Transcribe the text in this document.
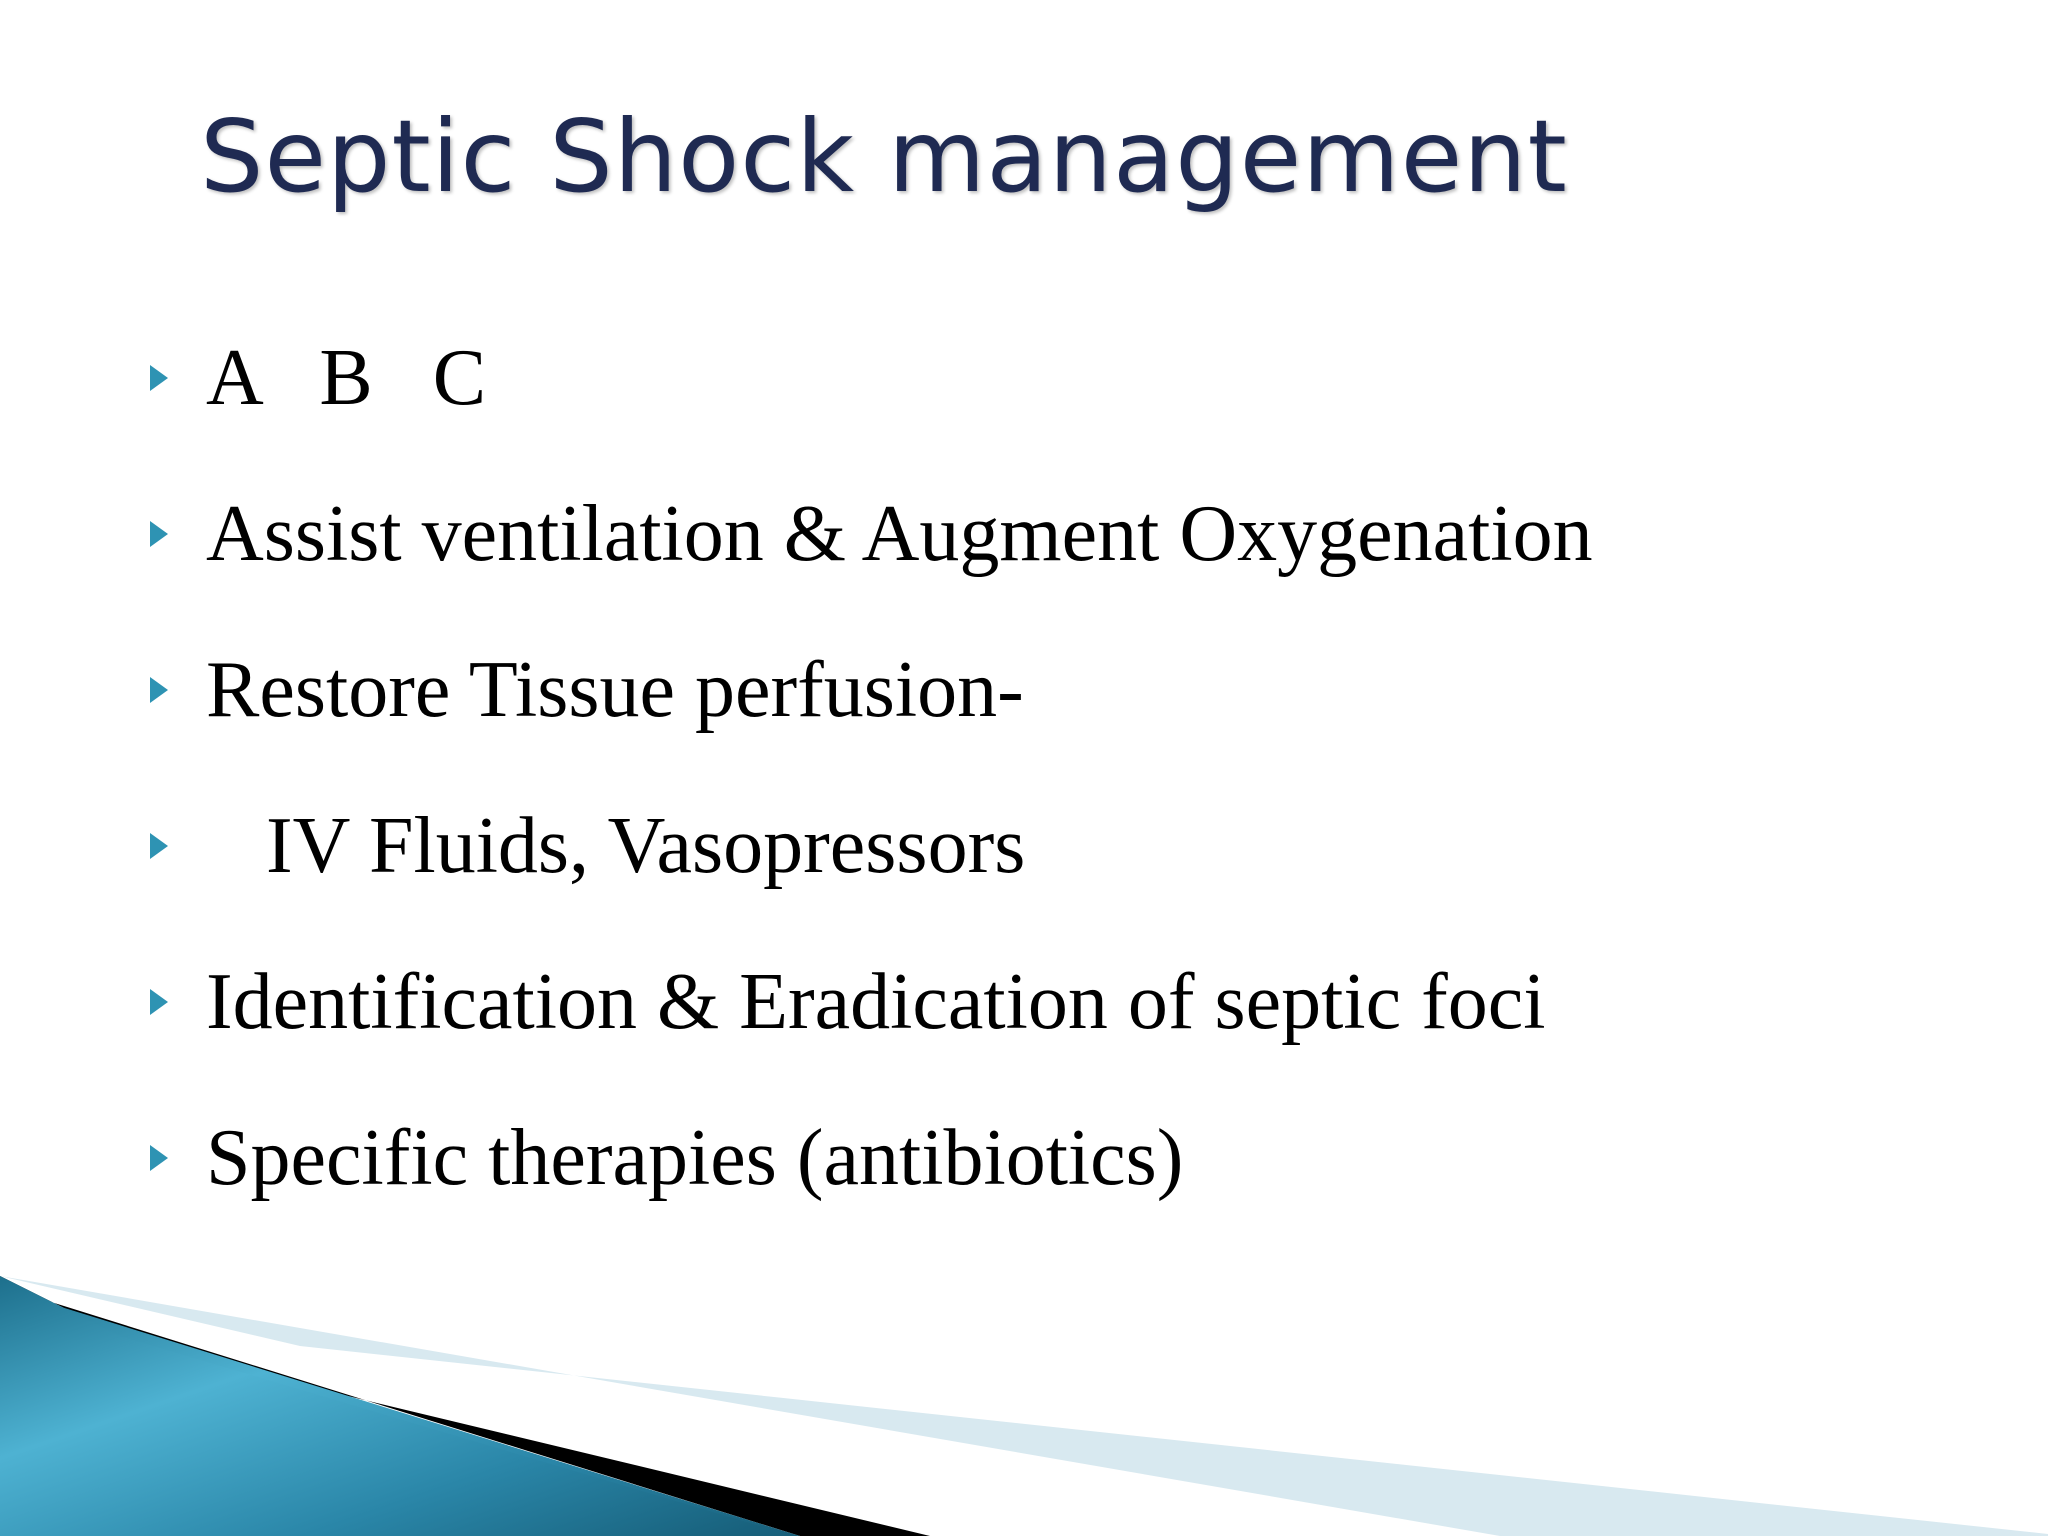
Septic Shock management
A   B   C
Assist ventilation & Augment Oxygenation
Restore Tissue perfusion-
IV Fluids, Vasopressors
Identification & Eradication of septic foci
Specific therapies (antibiotics)
